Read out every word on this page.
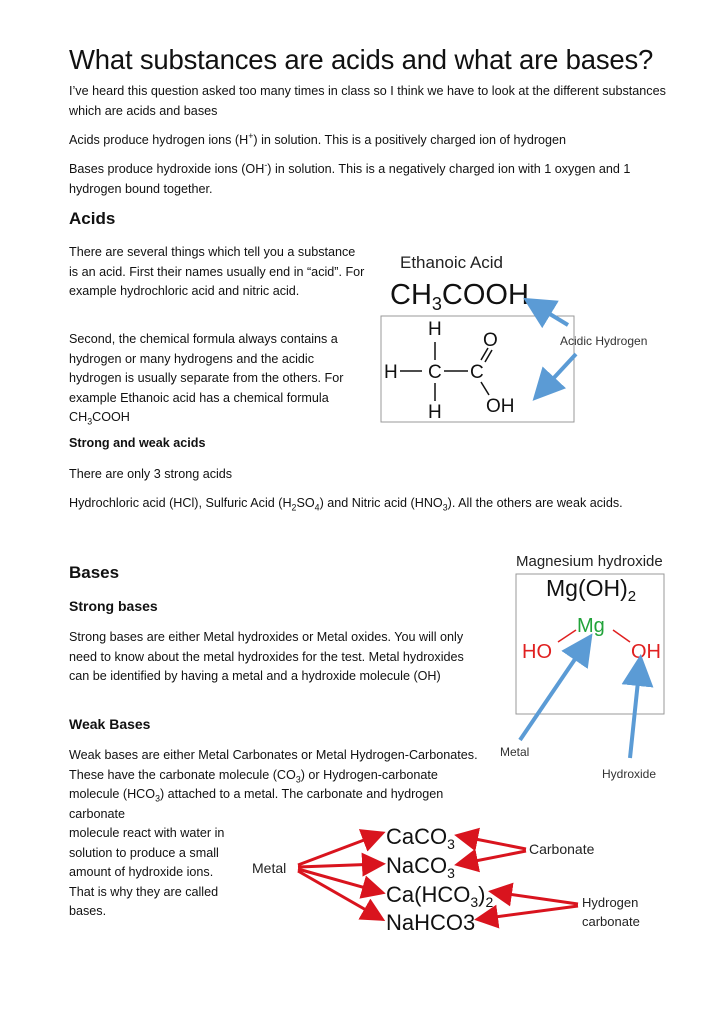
What substances are acids and what are bases?
I’ve heard this question asked too many times in class so I think we have to look at the different substances which are acids and bases
Acids produce hydrogen ions (H+) in solution. This is a positively charged ion of hydrogen
Bases produce hydroxide ions (OH-) in solution. This is a negatively charged ion with 1 oxygen and 1 hydrogen bound together.
Acids
There are several things which tell you a substance is an acid. First their names usually end in “acid”. For example hydrochloric acid and nitric acid.
Second, the chemical formula always contains a hydrogen or many hydrogens and the acidic hydrogen is usually separate from the others. For example Ethanoic acid has a chemical formula $CH_3COOH$
Strong and weak acids
There are only 3 strong acids
Hydrochloric acid (HCl), Sulfuric Acid $(H_2SO_4)$ and Nitric acid $(HNO_3)$. All the others are weak acids.
Ethanoic Acid
$CH_3COOH$
H
H C C
H
O
OH
Acidic Hydrogen
Bases
Strong bases
Strong bases are either Metal hydroxides or Metal oxides. You will only need to know about the metal hydroxides for the test. Metal hydroxides can be identified by having a metal and a hydroxide molecule (OH)
Weak Bases
Weak bases are either Metal Carbonates or Metal Hydrogen-Carbonates. These have the carbonate molecule $(CO_3)$ or Hydrogen-carbonate molecule $(HCO_3)$ attached to a metal. The carbonate and hydrogen carbonate
molecule react with water in solution to produce a small amount of hydroxide ions. That is why they are called bases.
Magnesium hydroxide
$Mg(OH)_2$
Mg
HO	OH
Metal
Hydroxide
Metal
CaCO$_3$
NaCO$_3$
$Ca(HCO_3)_2$
NaHCO3
Carbonate
Hydrogen
carbonate
